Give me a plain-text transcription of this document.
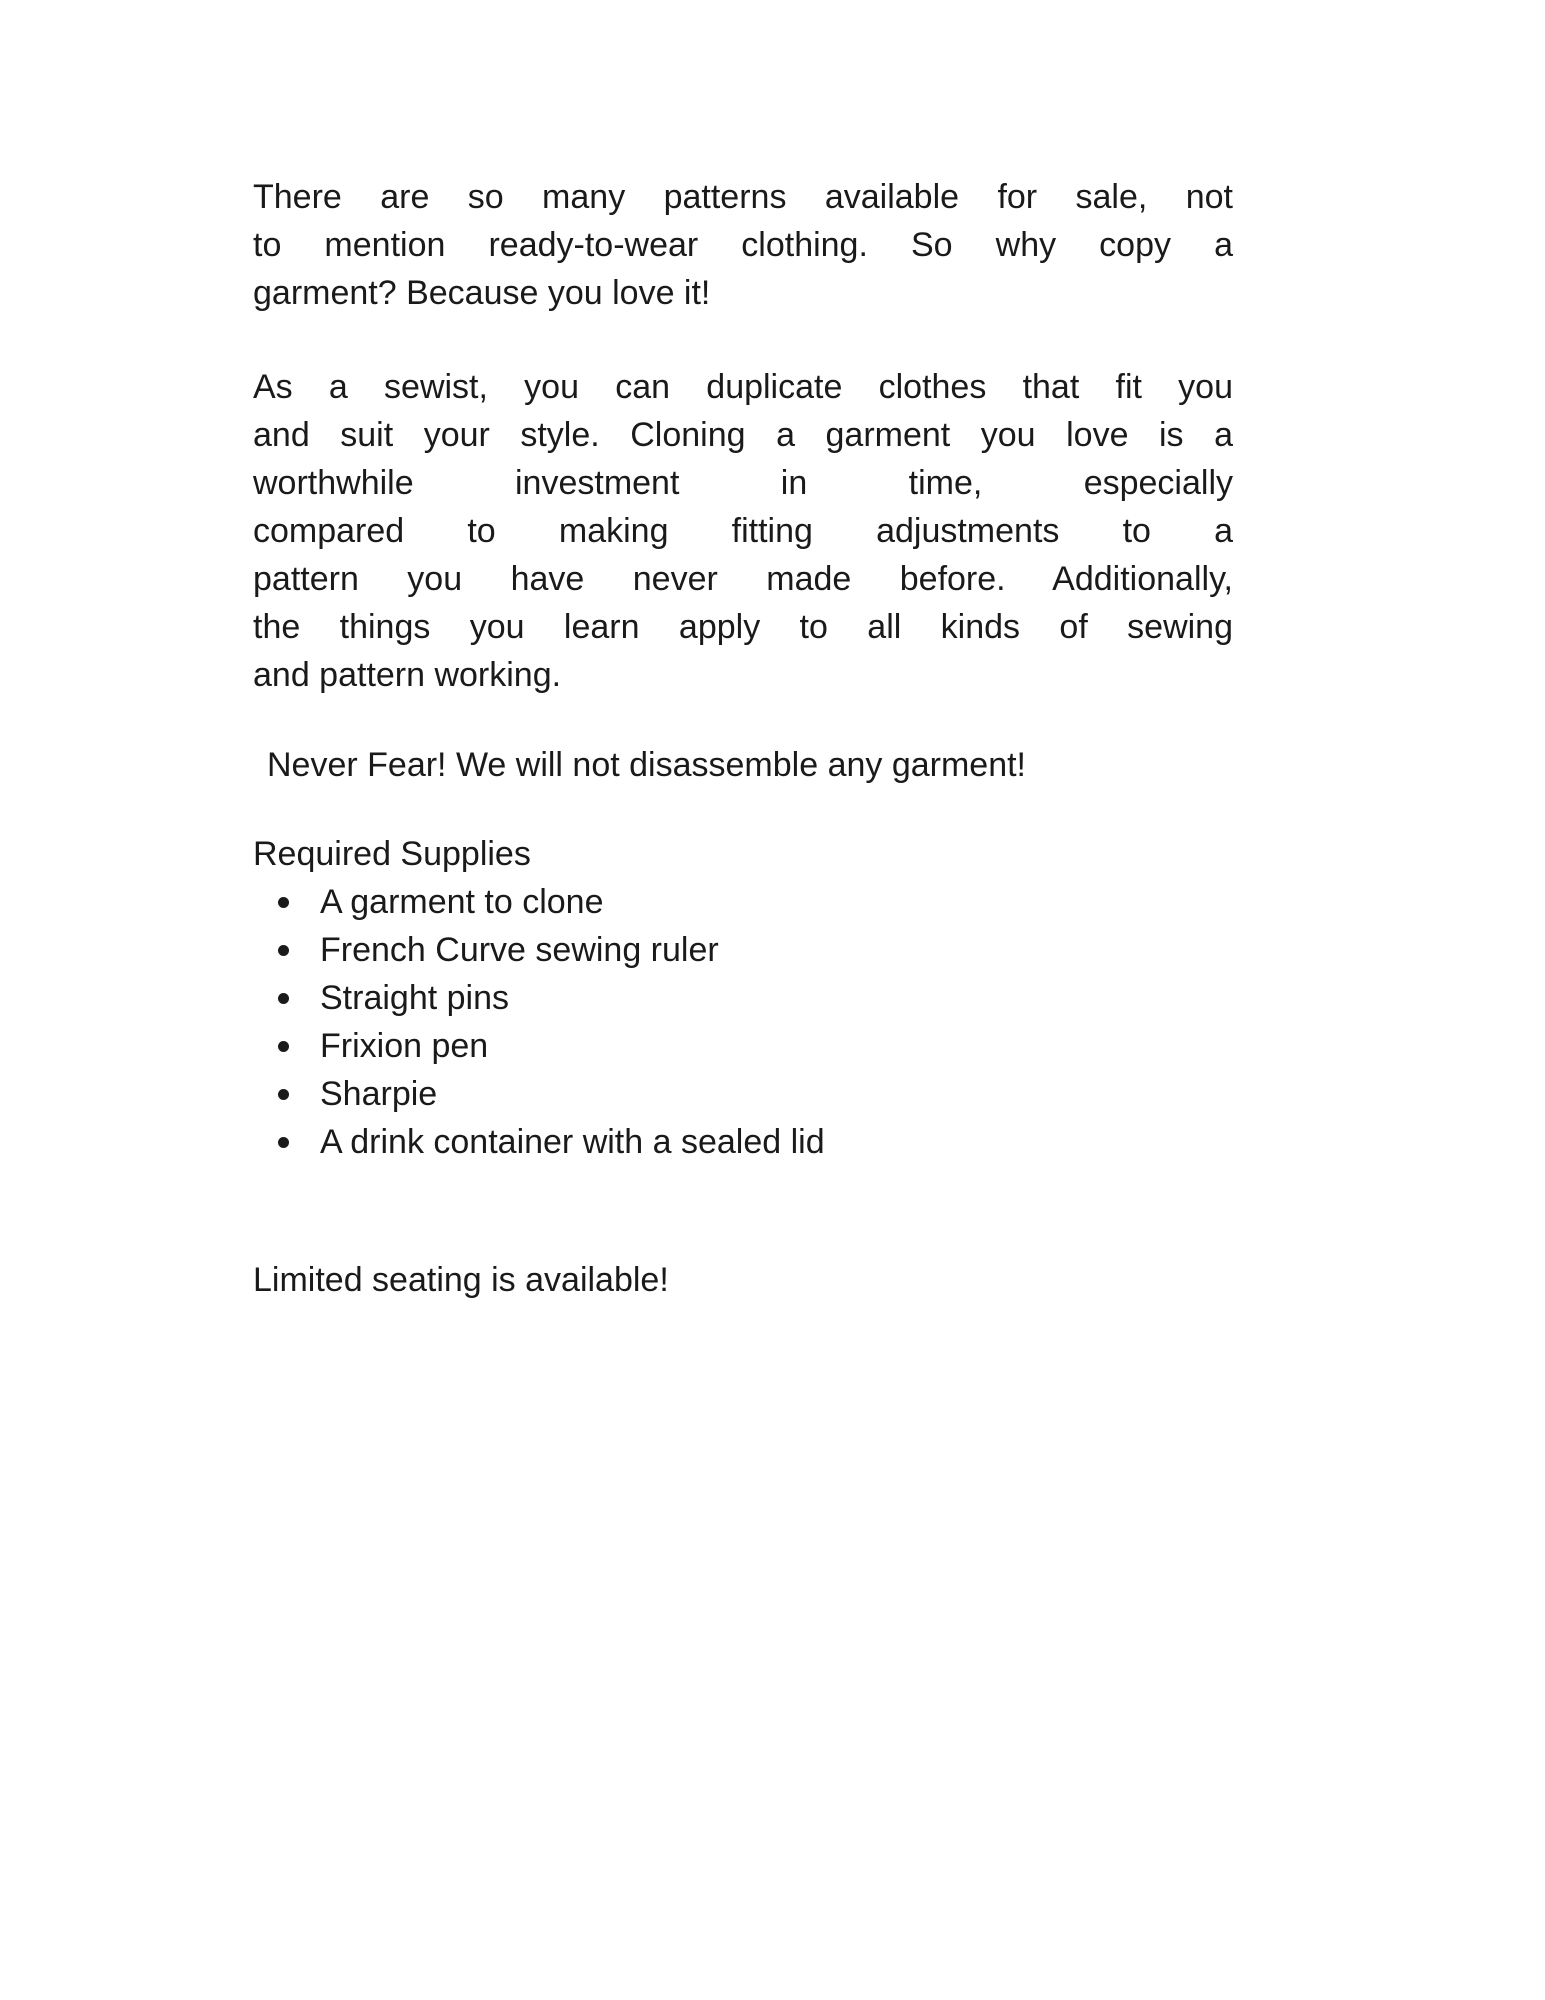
There are so many patterns available for sale, not
to mention ready-to-wear clothing. So why copy a
garment? Because you love it!
As a sewist, you can duplicate clothes that fit you
and suit your style. Cloning a garment you love is a
worthwhile investment in time, especially
compared to making fitting adjustments to a
pattern you have never made before. Additionally,
the things you learn apply to all kinds of sewing
and pattern working.
Never Fear! We will not disassemble any garment!
Required Supplies
A garment to clone
French Curve sewing ruler
Straight pins
Frixion pen
Sharpie
A drink container with a sealed lid
Limited seating is available!
